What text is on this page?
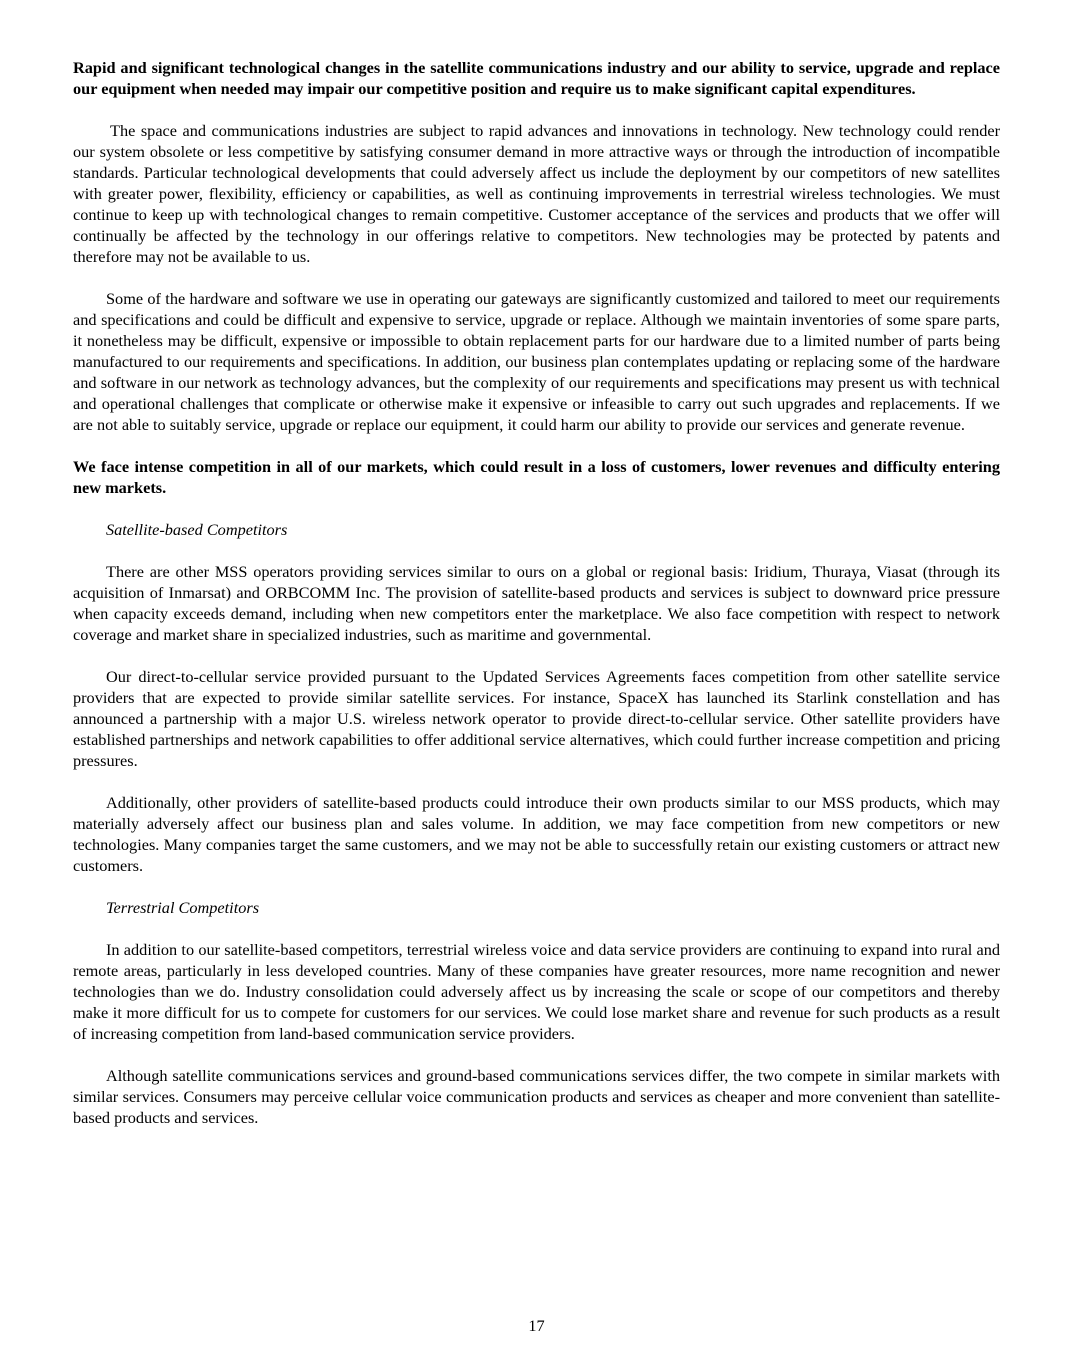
Rapid and significant technological changes in the satellite communications industry and our ability to service, upgrade and replace our equipment when needed may impair our competitive position and require us to make significant capital expenditures.

The space and communications industries are subject to rapid advances and innovations in technology. New technology could render our system obsolete or less competitive by satisfying consumer demand in more attractive ways or through the introduction of incompatible standards. Particular technological developments that could adversely affect us include the deployment by our competitors of new satellites with greater power, flexibility, efficiency or capabilities, as well as continuing improvements in terrestrial wireless technologies. We must continue to keep up with technological changes to remain competitive. Customer acceptance of the services and products that we offer will continually be affected by the technology in our offerings relative to competitors. New technologies may be protected by patents and therefore may not be available to us.

Some of the hardware and software we use in operating our gateways are significantly customized and tailored to meet our requirements and specifications and could be difficult and expensive to service, upgrade or replace. Although we maintain inventories of some spare parts, it nonetheless may be difficult, expensive or impossible to obtain replacement parts for our hardware due to a limited number of parts being manufactured to our requirements and specifications. In addition, our business plan contemplates updating or replacing some of the hardware and software in our network as technology advances, but the complexity of our requirements and specifications may present us with technical and operational challenges that complicate or otherwise make it expensive or infeasible to carry out such upgrades and replacements. If we are not able to suitably service, upgrade or replace our equipment, it could harm our ability to provide our services and generate revenue.

We face intense competition in all of our markets, which could result in a loss of customers, lower revenues and difficulty entering new markets.

Satellite-based Competitors

There are other MSS operators providing services similar to ours on a global or regional basis: Iridium, Thuraya, Viasat (through its acquisition of Inmarsat) and ORBCOMM Inc. The provision of satellite-based products and services is subject to downward price pressure when capacity exceeds demand, including when new competitors enter the marketplace. We also face competition with respect to network coverage and market share in specialized industries, such as maritime and governmental.

Our direct-to-cellular service provided pursuant to the Updated Services Agreements faces competition from other satellite service providers that are expected to provide similar satellite services. For instance, SpaceX has launched its Starlink constellation and has announced a partnership with a major U.S. wireless network operator to provide direct-to-cellular service. Other satellite providers have established partnerships and network capabilities to offer additional service alternatives, which could further increase competition and pricing pressures.

Additionally, other providers of satellite-based products could introduce their own products similar to our MSS products, which may materially adversely affect our business plan and sales volume. In addition, we may face competition from new competitors or new technologies. Many companies target the same customers, and we may not be able to successfully retain our existing customers or attract new customers.

Terrestrial Competitors

In addition to our satellite-based competitors, terrestrial wireless voice and data service providers are continuing to expand into rural and remote areas, particularly in less developed countries. Many of these companies have greater resources, more name recognition and newer technologies than we do. Industry consolidation could adversely affect us by increasing the scale or scope of our competitors and thereby make it more difficult for us to compete for customers for our services. We could lose market share and revenue for such products as a result of increasing competition from land-based communication service providers.

Although satellite communications services and ground-based communications services differ, the two compete in similar markets with similar services. Consumers may perceive cellular voice communication products and services as cheaper and more convenient than satellite-based products and services.

17
